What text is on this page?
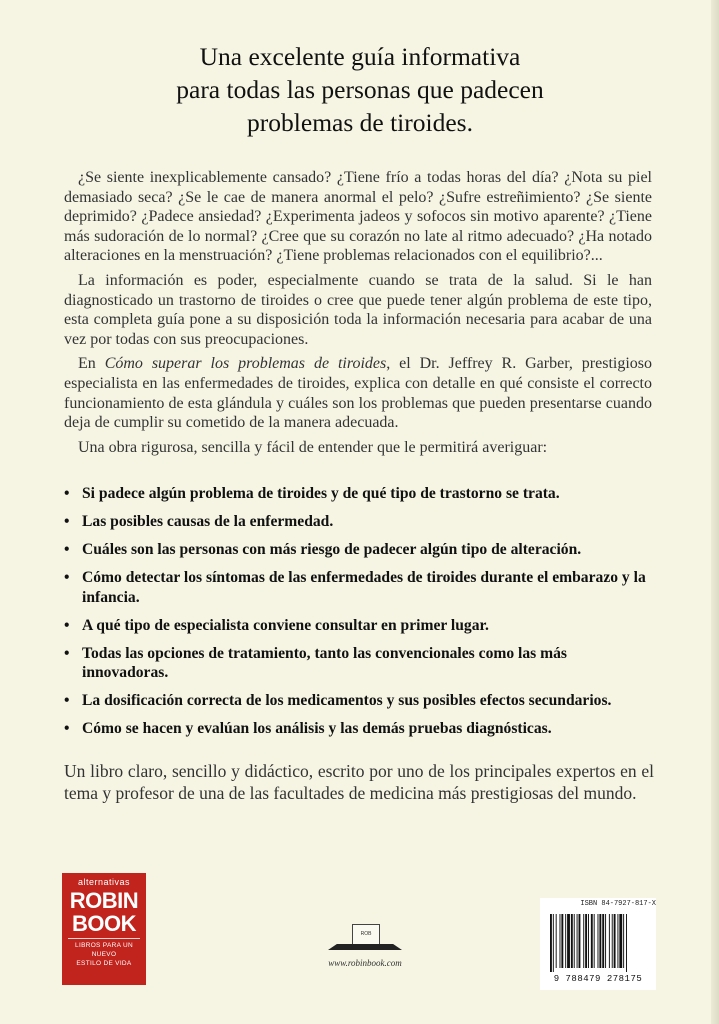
Una excelente guía informativa
para todas las personas que padecen
problemas de tiroides.

¿Se siente inexplicablemente cansado? ¿Tiene frío a todas horas del día? ¿Nota su piel demasiado seca? ¿Se le cae de manera anormal el pelo? ¿Sufre estreñimiento? ¿Se siente deprimido? ¿Padece ansiedad? ¿Experimenta jadeos y sofocos sin motivo aparente? ¿Tiene más sudoración de lo normal? ¿Cree que su corazón no late al ritmo adecuado? ¿Ha notado alteraciones en la menstruación? ¿Tiene problemas relacionados con el equilibrio?...

La información es poder, especialmente cuando se trata de la salud. Si le han diagnosticado un trastorno de tiroides o cree que puede tener algún problema de este tipo, esta completa guía pone a su disposición toda la información necesaria para acabar de una vez por todas con sus preocupaciones.

En Cómo superar los problemas de tiroides, el Dr. Jeffrey R. Garber, prestigioso especialista en las enfermedades de tiroides, explica con detalle en qué consiste el correcto funcionamiento de esta glándula y cuáles son los problemas que pueden presentarse cuando deja de cumplir su cometido de la manera adecuada.

Una obra rigurosa, sencilla y fácil de entender que le permitirá averiguar:

• Si padece algún problema de tiroides y de qué tipo de trastorno se trata.
• Las posibles causas de la enfermedad.
• Cuáles son las personas con más riesgo de padecer algún tipo de alteración.
• Cómo detectar los síntomas de las enfermedades de tiroides durante el embarazo y la infancia.
• A qué tipo de especialista conviene consultar en primer lugar.
• Todas las opciones de tratamiento, tanto las convencionales como las más innovadoras.
• La dosificación correcta de los medicamentos y sus posibles efectos secundarios.
• Cómo se hacen y evalúan los análisis y las demás pruebas diagnósticas.
Un libro claro, sencillo y didáctico, escrito por uno de los principales expertos en el tema y profesor de una de las facultades de medicina más prestigiosas del mundo.
alternativas
ROBIN
BOOK
LIBROS PARA UN NUEVO
ESTILO DE VIDA
ROB
www.robinbook.com
ISBN 84-7927-817-X
9 788479 278175
